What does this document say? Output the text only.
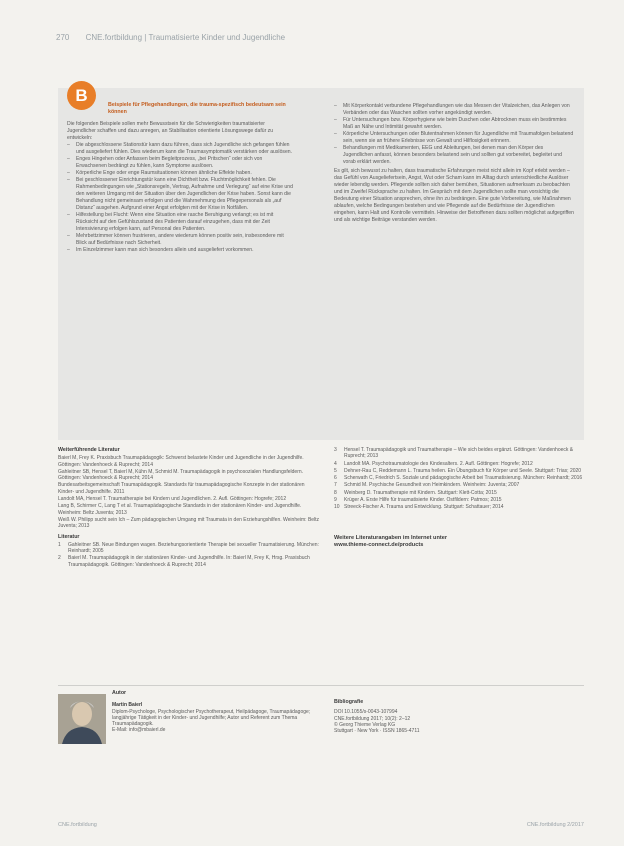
270 CNE.fortbildung | Traumatisierte Kinder und Jugendliche
B	Beispiele für Pflegehandlungen, die trauma-spezifisch bedeutsam sein können

Die folgenden Beispiele sollen mehr Bewusstsein für die Schwierigkeiten traumatisierter Jugendlicher schaffen und dazu anregen, an Stabilisation orientierte Lösungswege dafür zu entwickeln:

– Die abgeschlossene Stationstür kann dazu führen, dass sich Jugendliche sich gefangen fühlen und ausgeliefert fühlen. Dies wiederum kann die Traumasymptomatik verstärken oder auslösen.
– Enges Hingehen oder Anfassen beim Begleitprozess, „bei Pritschen“ oder sich von Erwachsenen bedrängt zu fühlen, kann Symptome auslösen.
– Körperliche Enge oder enge Raumsituationen können ähnliche Effekte haben.
– Bei geschlossener Einrichtungstür kann eine Dichtheit bzw. Fluchtmöglichkeit fehlen. Die Rahmenbedingungen wie „Stationsregeln, Vertrag, Aufnahme und Verlegung“ auf eine Krise und den weiteren Umgang mit der Situation über den Jugendlichen der Krise haben. Sonst kann die Behandlung nicht gemeinsam erfolgen und die Wahrnehmung des Pflegepersonals als „auf Distanz“ ausgehen. Aufgrund einer Angst erfolgten mit der Krise in Notfällen.
– Hilfestellung bei Flucht: Wenn eine Situation eine rasche Beruhigung verlangt; es ist mit Rücksicht auf den Gefühlszustand des Patienten darauf einzugehen, dass mit der Zeit Intensivierung erfolgen kann, auf Personal des Patienten.
– Mehrbettzimmer können frustrieren, andere wiederum können positiv sein, insbesondere mit Blick auf Bedürfnisse nach Sicherheit.
– Im Einzelzimmer kann man sich besonders allein und ausgeliefert vorkommen.
– Mit Körperkontakt verbundene Pflegehandlungen wie das Messen der Vitalzeichen, das Anlegen von Verbänden oder das Waschen sollten vorher angekündigt werden.
– Für Untersuchungen bzw. Körperhygiene wie beim Duschen oder Abtrocknen muss ein bestimmtes Maß an Nähe und Intimität gewahrt werden.
– Körperliche Untersuchungen oder Blutentnahmen können für Jugendliche mit Traumafolgen belastend sein, wenn sie an frühere Erlebnisse von Gewalt und Hilflosigkeit erinnern.
– Behandlungen mit Medikamenten, EEG und Ableitungen, bei denen man den Körper des Jugendlichen anfasst, können besonders belastend sein und sollten gut vorbereitet, begleitet und vorab erklärt werden.

Es gilt, sich bewusst zu halten, dass traumatische Erfahrungen meist nicht allein im Kopf erlebt werden – das Gefühl von Ausgeliefertsein, Angst, Wut oder Scham kann im Alltag durch unterschiedliche Auslöser wieder lebendig werden. Pflegende sollten sich daher bemühen, Situationen aufmerksam zu beobachten und im Zweifel Rücksprache zu halten. Im Gespräch mit dem Jugendlichen sollte man vorsichtig die Bedeutung einer Situation ansprechen, ohne ihn zu bedrängen. Eine gute Vorbereitung, wie Maßnahmen ablaufen, welche Bedingungen bestehen und wie Pflegende auf die Bedürfnisse der Jugendlichen eingehen, kann Halt und Kontrolle vermitteln. Hinweise der Betroffenen dazu sollten möglichst aufgegriffen und als wichtige Beiträge verstanden werden.

Weiterführende Literatur

Baierl M, Frey K. Praxisbuch Traumapädagogik: Schwerst belastete Kinder und Jugendliche in der Jugendhilfe. Göttingen: Vandenhoeck & Ruprecht; 2014

Gahleitner SB, Hensel T, Baierl M, Kühn M, Schmid M. Traumapädagogik in psychosozialen Handlungsfeldern. Göttingen: Vandenhoeck & Ruprecht; 2014

Bundesarbeitsgemeinschaft Traumapädagogik. Standards für traumapädagogische Konzepte in der stationären Kinder- und Jugendhilfe. 2011

Landolt MA, Hensel T. Traumatherapie bei Kindern und Jugendlichen. 2. Aufl. Göttingen: Hogrefe; 2012

Lang B, Schirmer C, Lang T et al. Traumapädagogische Standards in der stationären Kinder- und Jugendhilfe. Weinheim: Beltz Juventa; 2013

Weiß W. Philipp sucht sein Ich – Zum pädagogischen Umgang mit Traumata in den Erziehungshilfen. Weinheim: Beltz Juventa; 2013

Literatur
1 Gahleitner SB. Neue Bindungen wagen. Beziehungsorientierte Therapie bei sexueller Traumatisierung. München: Reinhardt; 2005
2 Baierl M. Traumapädagogik in der stationären Kinder- und Jugendhilfe. In: Baierl M, Frey K, Hrsg. Praxisbuch Traumapädagogik. Göttingen: Vandenhoeck & Ruprecht; 2014
3 Hensel T. Traumapädagogik und Traumatherapie – Wie sich beides ergänzt. Göttingen: Vandenhoeck & Ruprecht; 2013
4 Landolt MA. Psychotraumatologie des Kindesalters. 2. Aufl. Göttingen: Hogrefe; 2012
5 Dehner-Rau C, Reddemann L. Trauma heilen. Ein Übungsbuch für Körper und Seele. Stuttgart: Trias; 2020
6 Scherwath C, Friedrich S. Soziale und pädagogische Arbeit bei Traumatisierung. München: Reinhardt; 2016
7 Schmid M. Psychische Gesundheit von Heimkindern. Weinheim: Juventa; 2007
8 Weinberg D. Traumatherapie mit Kindern. Stuttgart: Klett-Cotta; 2015
9 Krüger A. Erste Hilfe für traumatisierte Kinder. Ostfildern: Patmos; 2015
10 Streeck-Fischer A. Trauma und Entwicklung. Stuttgart: Schattauer; 2014
Weitere Literaturangaben im Internet unter
www.thieme-connect.de/products
Autor
Martin Baierl
Diplom-Psychologe, Psychologischer Psychotherapeut, Heilpädagoge, Traumapädagoge; langjährige Tätigkeit in der Kinder- und Jugendhilfe; Autor und Referent zum Thema Traumapädagogik.
E-Mail: info@mbaierl.de
Bibliografie
DOI 10.1055/s-0043-107994
CNE.fortbildung 2017; 10(2): 2–12
© Georg Thieme Verlag KG
Stuttgart · New York · ISSN 1865-4711
CNE.fortbildung	CNE.fortbildung 2/2017
